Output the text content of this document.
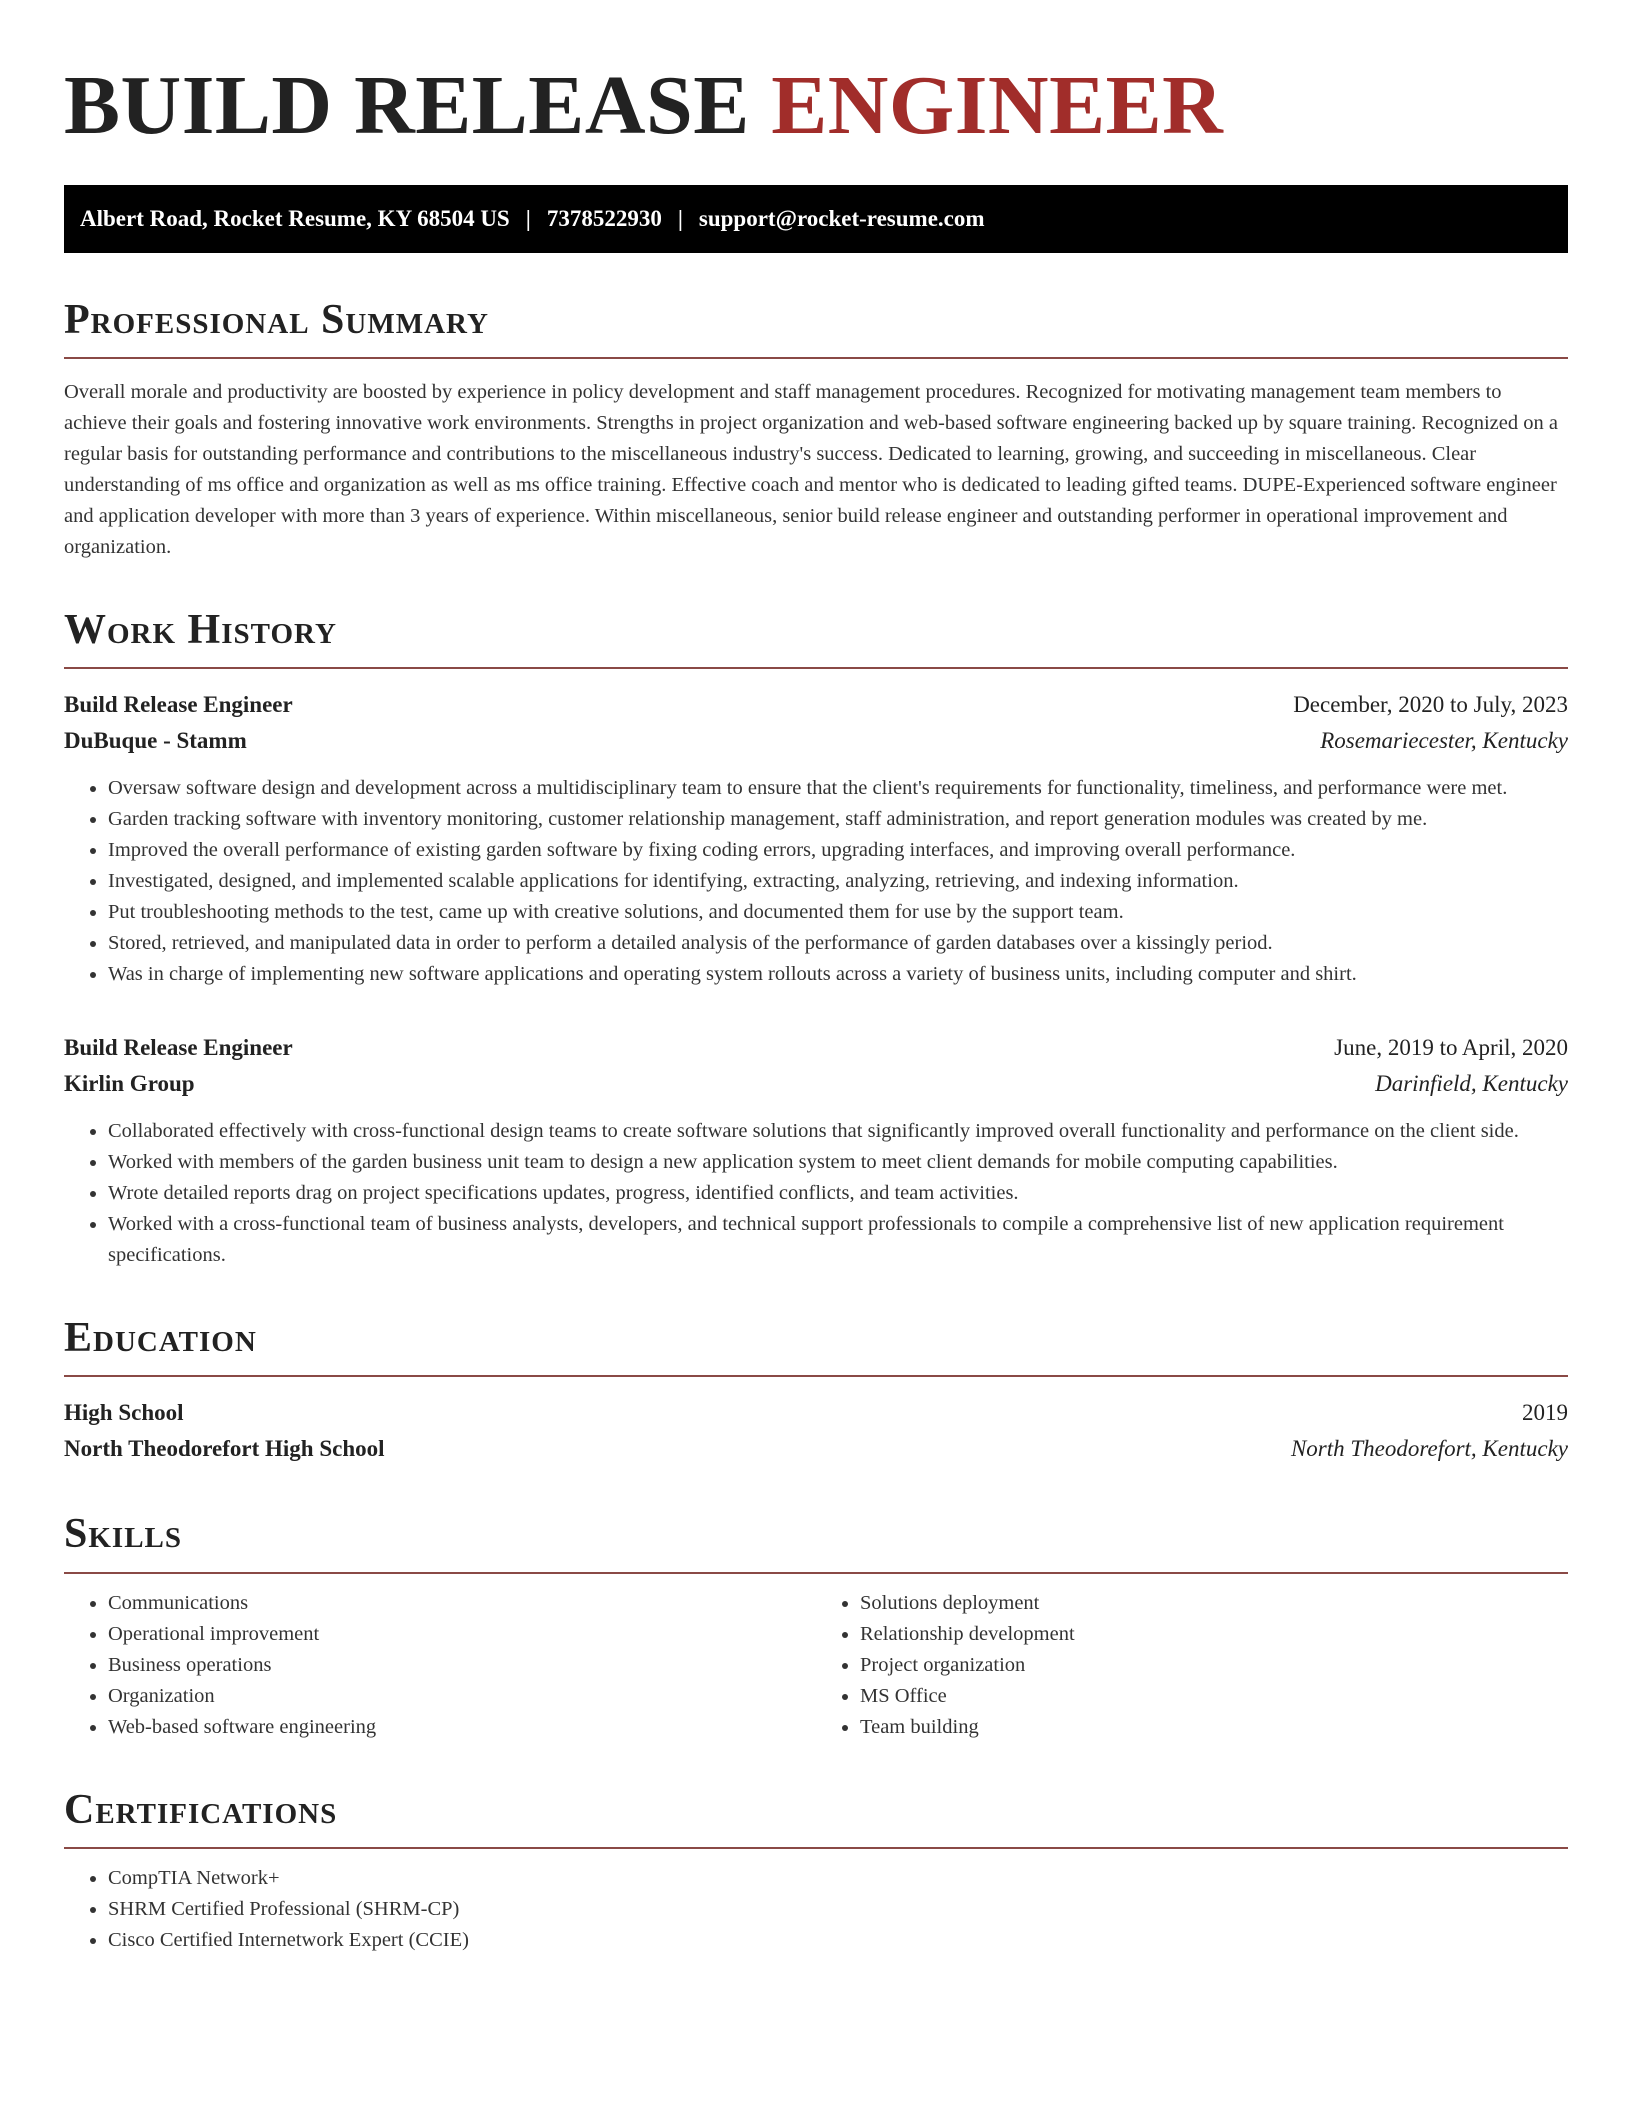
BUILD RELEASE ENGINEER
Albert Road, Rocket Resume, KY 68504 US | 7378522930 | support@rocket-resume.com
Professional Summary

Overall morale and productivity are boosted by experience in policy development and staff management procedures. Recognized for motivating management team members to achieve their goals and fostering innovative work environments. Strengths in project organization and web-based software engineering backed up by square training. Recognized on a regular basis for outstanding performance and contributions to the miscellaneous industry's success. Dedicated to learning, growing, and succeeding in miscellaneous. Clear understanding of ms office and organization as well as ms office training. Effective coach and mentor who is dedicated to leading gifted teams. DUPE-Experienced software engineer and application developer with more than 3 years of experience. Within miscellaneous, senior build release engineer and outstanding performer in operational improvement and organization.

Work History
Build Release Engineer	December, 2020 to July, 2023
DuBuque - Stamm	Rosemariecester, Kentucky
• Oversaw software design and development across a multidisciplinary team to ensure that the client's requirements for functionality, timeliness, and performance were met.
• Garden tracking software with inventory monitoring, customer relationship management, staff administration, and report generation modules was created by me.
• Improved the overall performance of existing garden software by fixing coding errors, upgrading interfaces, and improving overall performance.
• Investigated, designed, and implemented scalable applications for identifying, extracting, analyzing, retrieving, and indexing information.
• Put troubleshooting methods to the test, came up with creative solutions, and documented them for use by the support team.
• Stored, retrieved, and manipulated data in order to perform a detailed analysis of the performance of garden databases over a kissingly period.
• Was in charge of implementing new software applications and operating system rollouts across a variety of business units, including computer and shirt.
Build Release Engineer	June, 2019 to April, 2020
Kirlin Group	Darinfield, Kentucky
• Collaborated effectively with cross-functional design teams to create software solutions that significantly improved overall functionality and performance on the client side.
• Worked with members of the garden business unit team to design a new application system to meet client demands for mobile computing capabilities.
• Wrote detailed reports drag on project specifications updates, progress, identified conflicts, and team activities.
• Worked with a cross-functional team of business analysts, developers, and technical support professionals to compile a comprehensive list of new application requirement specifications.
Education
High School	2019
North Theodorefort High School	North Theodorefort, Kentucky
Skills
• Communications
• Operational improvement
• Business operations
• Organization
• Web-based software engineering
• Solutions deployment
• Relationship development
• Project organization
• MS Office
• Team building
Certifications
• CompTIA Network+
• SHRM Certified Professional (SHRM-CP)
• Cisco Certified Internetwork Expert (CCIE)
